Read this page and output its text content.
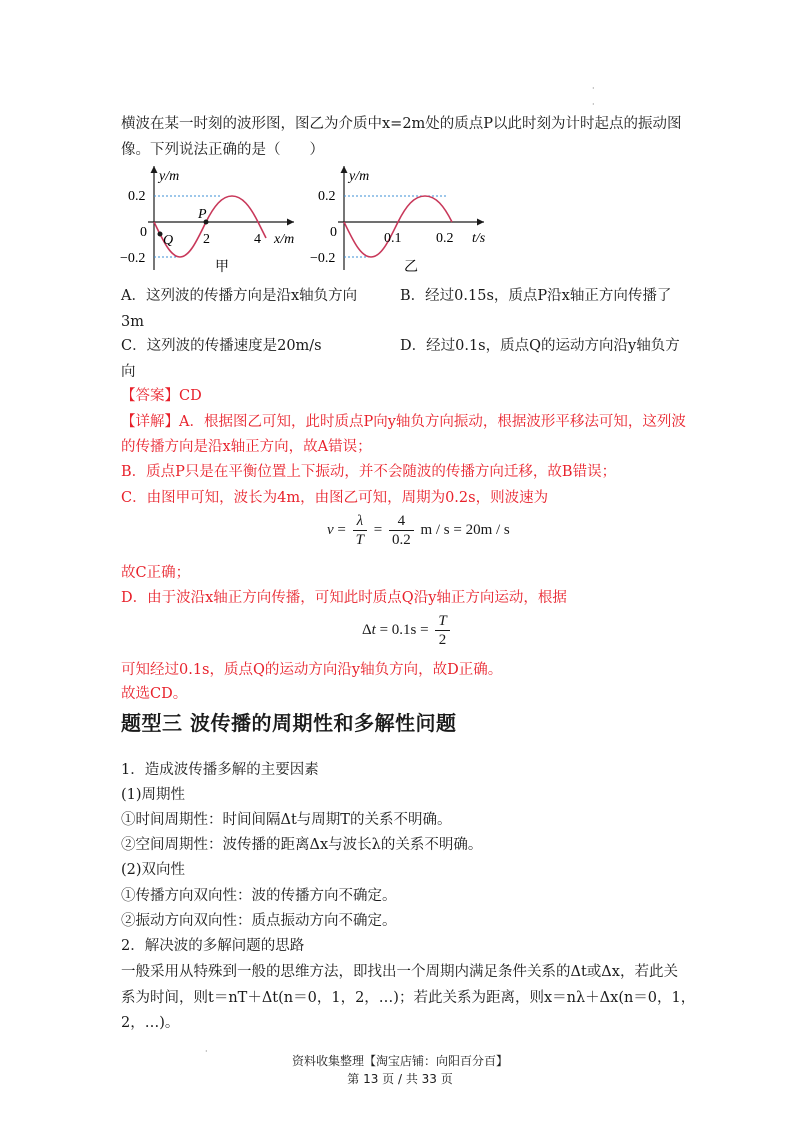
·
·
横波在某一时刻的波形图，图乙为介质中x=2m处的质点P以此时刻为计时起点的振动图
像。下列说法正确的是（　　）
y/m
0.2
−0.2
0
Q
P
2	4 x/m
甲
y/m
0.2
−0.2
0	0.1 0.2 t/s
乙
A．这列波的传播方向是沿x轴负方向	B．经过0.15s，质点P沿x轴正方向传播了
3m
C．这列波的传播速度是20m/s	D．经过0.1s，质点Q的运动方向沿y轴负方
向
【答案】CD
【详解】A．根据图乙可知，此时质点P向y轴负方向振动，根据波形平移法可知，这列波
的传播方向是沿x轴正方向，故A错误；
B．质点P只是在平衡位置上下振动，并不会随波的传播方向迁移，故B错误；
C．由图甲可知，波长为4m，由图乙可知，周期为0.2s，则波速为
$v = \frac{\lambda}{T} = \frac{4}{0.2}$ m / s = 20m / s
故C正确；
D．由于波沿x轴正方向传播，可知此时质点Q沿y轴正方向运动，根据
$\Delta t = 0.1s = \frac{T}{2}$
可知经过0.1s，质点Q的运动方向沿y轴负方向，故D正确。
故选CD。
题型三 波传播的周期性和多解性问题
1．造成波传播多解的主要因素
(1)周期性
①时间周期性：时间间隔Δt与周期T的关系不明确。
②空间周期性：波传播的距离Δx与波长λ的关系不明确。
(2)双向性
①传播方向双向性：波的传播方向不确定。
②振动方向双向性：质点振动方向不确定。
2．解决波的多解问题的思路
一般采用从特殊到一般的思维方法，即找出一个周期内满足条件关系的Δt或Δx，若此关
系为时间，则t＝nT＋Δt(n＝0，1，2，…)；若此关系为距离，则x＝nλ＋Δx(n＝0，1，
2，…)。
·
资料收集整理【淘宝店铺：向阳百分百】
第 13 页 / 共 33 页
